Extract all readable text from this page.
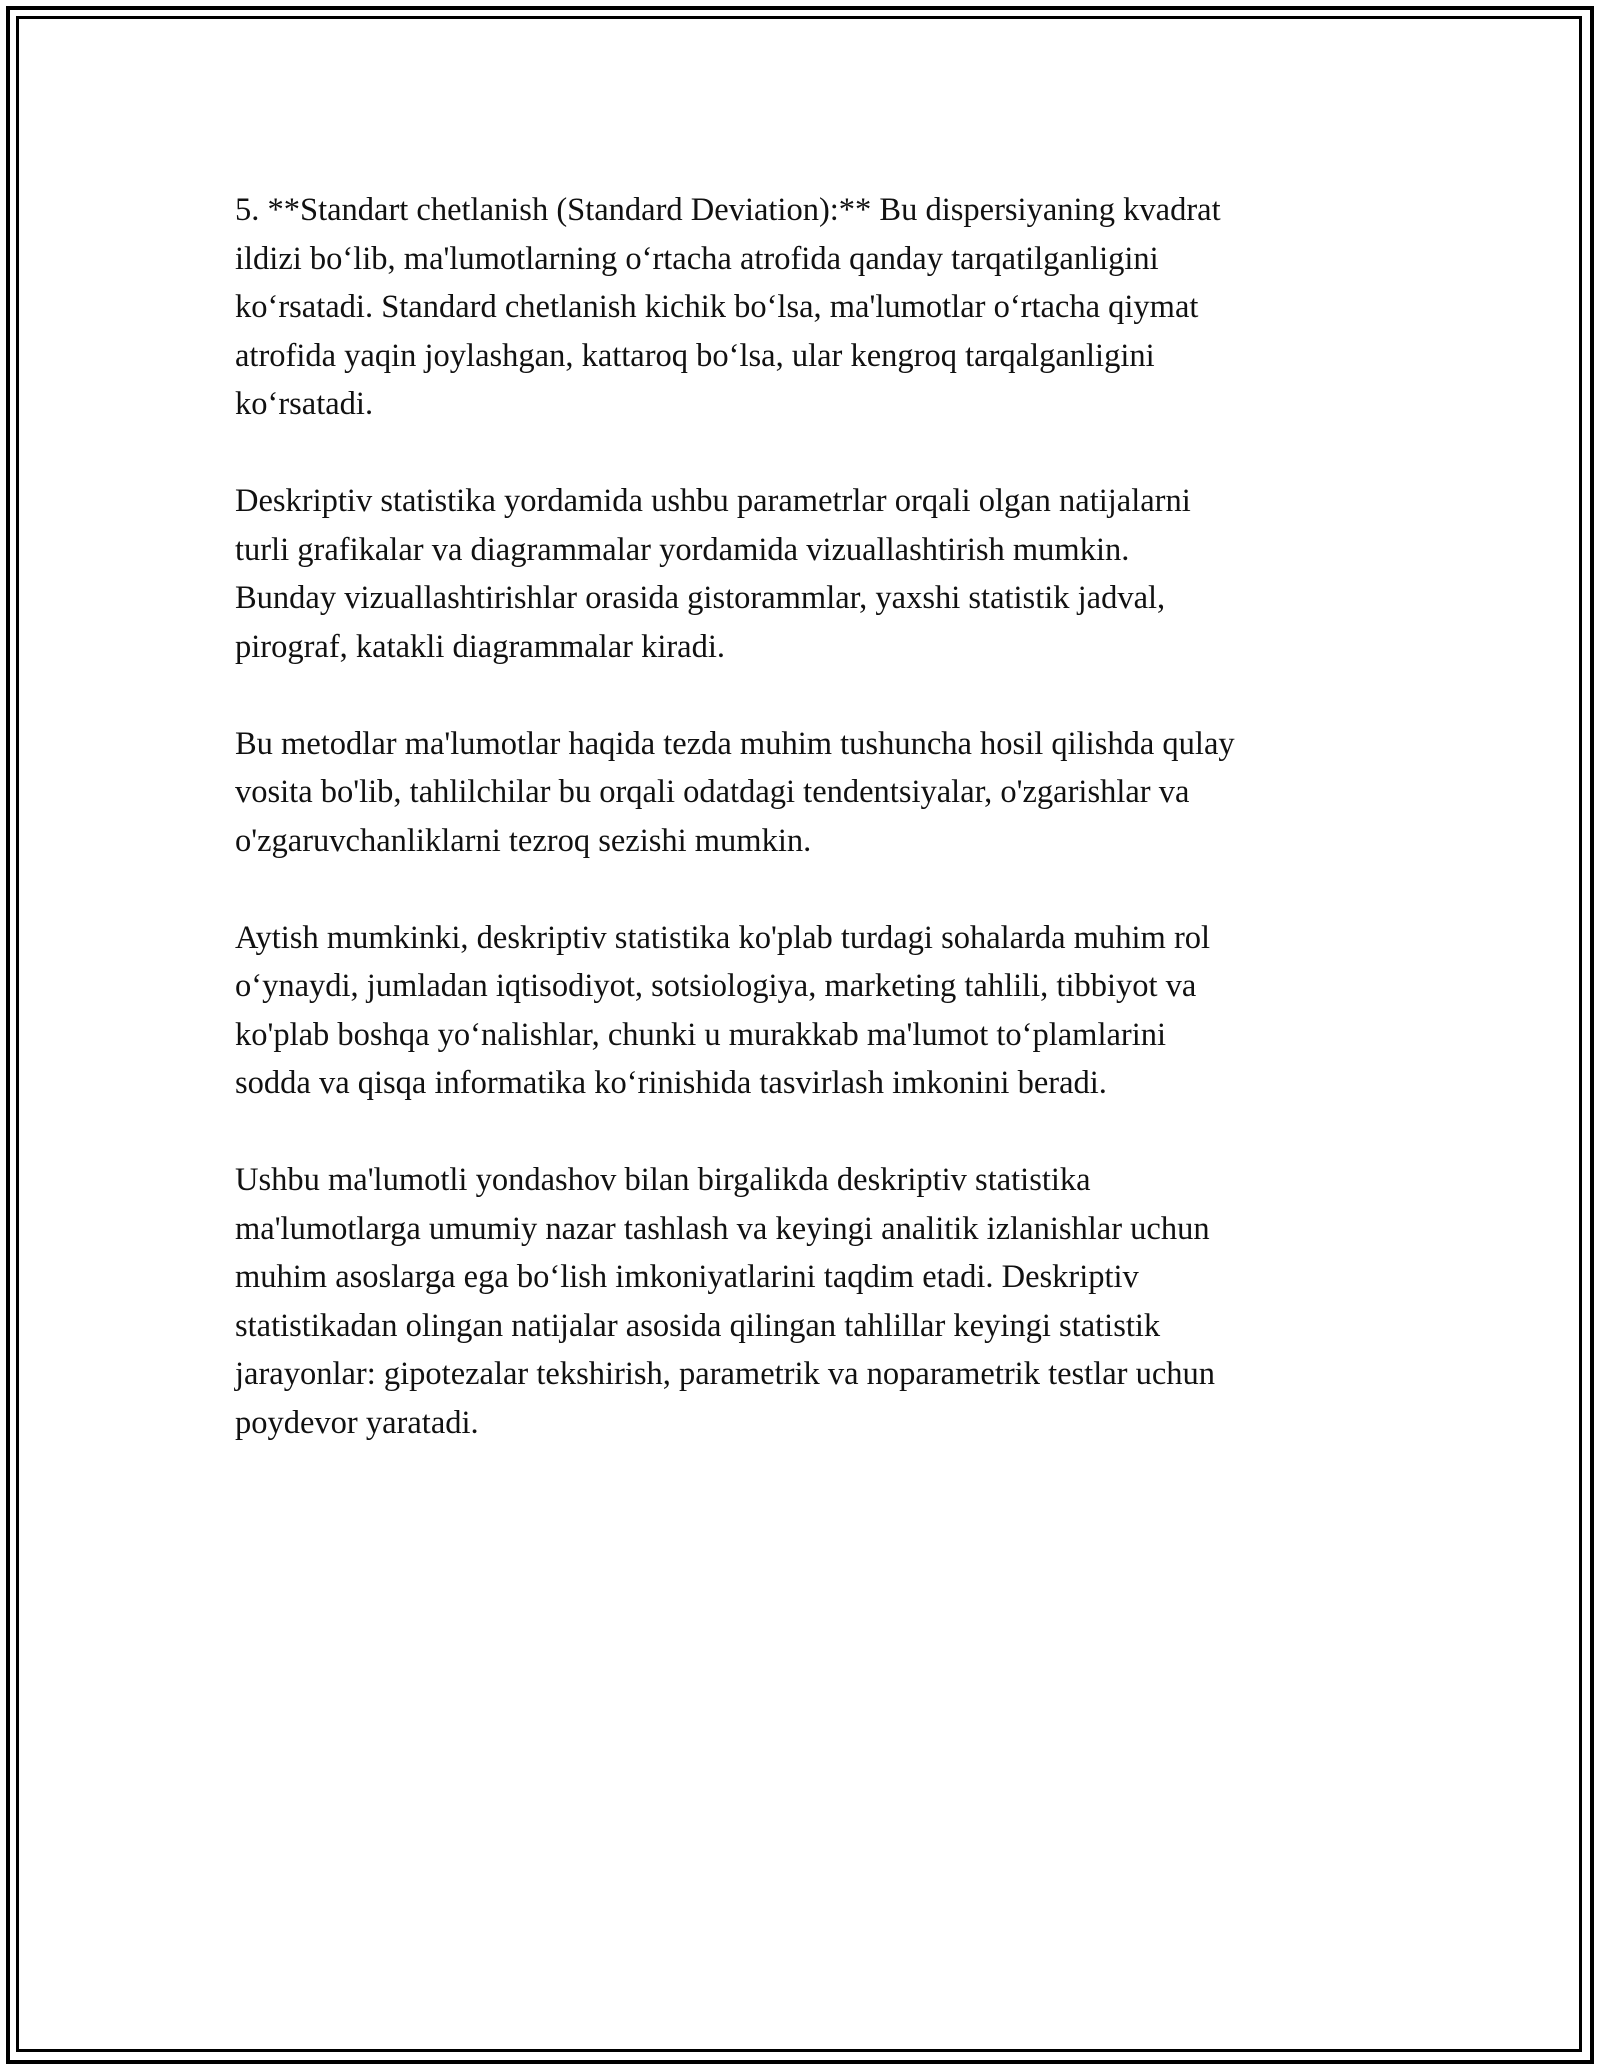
5. **Standart chetlanish (Standard Deviation):** Bu dispersiyaning kvadrat
ildizi bo‘lib, ma'lumotlarning o‘rtacha atrofida qanday tarqatilganligini
ko‘rsatadi. Standard chetlanish kichik bo‘lsa, ma'lumotlar o‘rtacha qiymat
atrofida yaqin joylashgan, kattaroq bo‘lsa, ular kengroq tarqalganligini
ko‘rsatadi.

Deskriptiv statistika yordamida ushbu parametrlar orqali olgan natijalarni
turli grafikalar va diagrammalar yordamida vizuallashtirish mumkin.
Bunday vizuallashtirishlar orasida gistorammlar, yaxshi statistik jadval,
pirograf, katakli diagrammalar kiradi.

Bu metodlar ma'lumotlar haqida tezda muhim tushuncha hosil qilishda qulay
vosita bo'lib, tahlilchilar bu orqali odatdagi tendentsiyalar, o'zgarishlar va
o'zgaruvchanliklarni tezroq sezishi mumkin.

Aytish mumkinki, deskriptiv statistika ko'plab turdagi sohalarda muhim rol
o‘ynaydi, jumladan iqtisodiyot, sotsiologiya, marketing tahlili, tibbiyot va
ko'plab boshqa yo‘nalishlar, chunki u murakkab ma'lumot to‘plamlarini
sodda va qisqa informatika ko‘rinishida tasvirlash imkonini beradi.

Ushbu ma'lumotli yondashov bilan birgalikda deskriptiv statistika
ma'lumotlarga umumiy nazar tashlash va keyingi analitik izlanishlar uchun
muhim asoslarga ega bo‘lish imkoniyatlarini taqdim etadi. Deskriptiv
statistikadan olingan natijalar asosida qilingan tahlillar keyingi statistik
jarayonlar: gipotezalar tekshirish, parametrik va noparametrik testlar uchun
poydevor yaratadi.
